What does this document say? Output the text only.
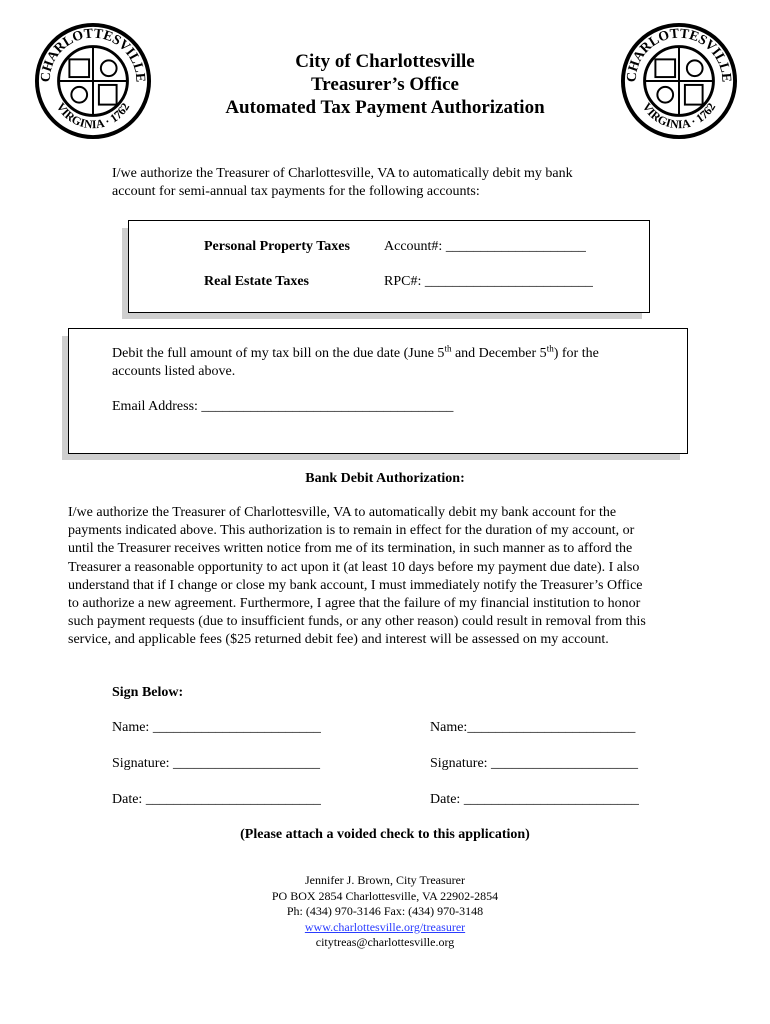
CHARLOTTESVILLE
VIRGINIA · 1762
CHARLOTTESVILLE
VIRGINIA · 1762
City of Charlottesville
Treasurer’s Office
Automated Tax Payment Authorization
I/we authorize the Treasurer of Charlottesville, VA to automatically debit my bank
account for semi-annual tax payments for the following accounts:
Personal Property Taxes Account#: ____________________
Real Estate Taxes	RPC#: ________________________
Debit the full amount of my tax bill on the due date (June 5th and December 5th) for the
accounts listed above.
Email Address: ____________________________________
Bank Debit Authorization:
I/we authorize the Treasurer of Charlottesville, VA to automatically debit my bank account for the
payments indicated above. This authorization is to remain in effect for the duration of my account, or
until the Treasurer receives written notice from me of its termination, in such manner as to afford the
Treasurer a reasonable opportunity to act upon it (at least 10 days before my payment due date). I also
understand that if I change or close my bank account, I must immediately notify the Treasurer’s Office
to authorize a new agreement. Furthermore, I agree that the failure of my financial institution to honor
such payment requests (due to insufficient funds, or any other reason) could result in removal from this
service, and applicable fees ($25 returned debit fee) and interest will be assessed on my account.
Sign Below:
Name: ________________________	Name:________________________
Signature: _____________________	Signature: _____________________
Date: _________________________	Date: _________________________
(Please attach a voided check to this application)
Jennifer J. Brown, City Treasurer
PO BOX 2854 Charlottesville, VA 22902-2854
Ph: (434) 970-3146 Fax: (434) 970-3148
www.charlottesville.org/treasurer
citytreas@charlottesville.org
